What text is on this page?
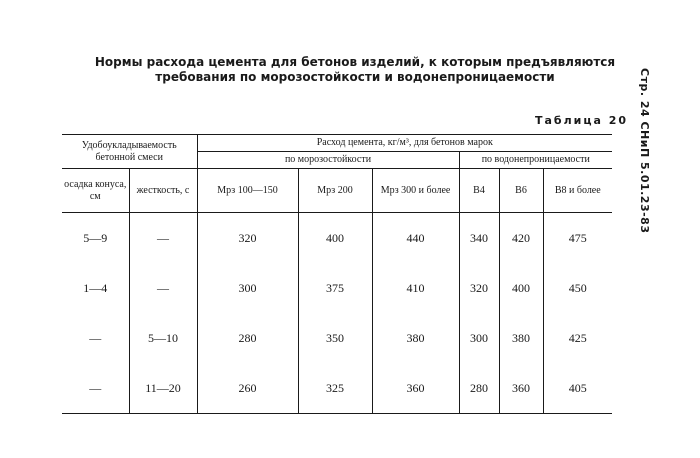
Нормы расхода цемента для бетонов изделий, к которым предъявляются
требования по морозостойкости и водонепроницаемости
Таблица 20 Стр. 24 СНиП 5.01.23-83
Удобоукладываемость бетонной смеси		Расход цемента, кг/м³, для бетонов марок					
		по морозостойкости			по водонепроницаемости		
осадка конуса, см	жесткость, с	Мрз 100—150	Мрз 200	Мрз 300 и более	В4	В6	В8 и более
5—9	—	320	400	440	340	420	475
1—4	—	300	375	410	320	400	450
—	5—10	280	350	380	300	380	425
—	11—20	260	325	360	280	360	405
